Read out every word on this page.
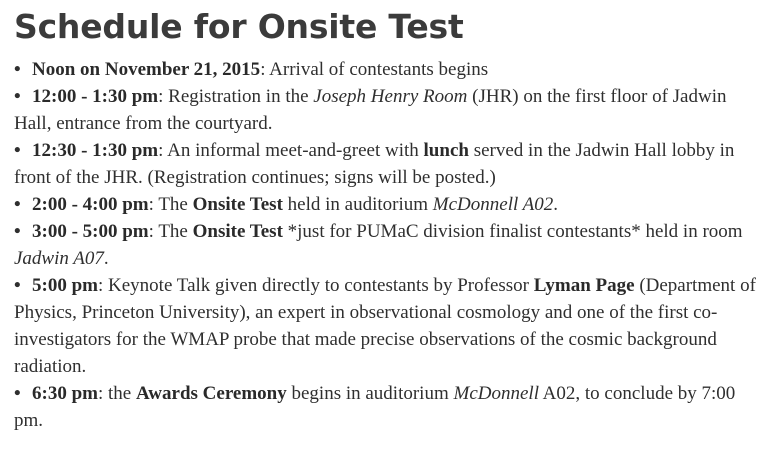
Schedule for Onsite Test
• Noon on November 21, 2015: Arrival of contestants begins
• 12:00 - 1:30 pm: Registration in the Joseph Henry Room (JHR) on the first floor of Jadwin Hall, entrance from the courtyard.
• 12:30 - 1:30 pm: An informal meet-and-greet with lunch served in the Jadwin Hall lobby in front of the JHR. (Registration continues; signs will be posted.)
• 2:00 - 4:00 pm: The Onsite Test held in auditorium McDonnell A02.
• 3:00 - 5:00 pm: The Onsite Test *just for PUMaC division finalist contestants* held in room Jadwin A07.
• 5:00 pm: Keynote Talk given directly to contestants by Professor Lyman Page (Department of Physics, Princeton University), an expert in observational cosmology and one of the first co-investigators for the WMAP probe that made precise observations of the cosmic background radiation.
• 6:30 pm: the Awards Ceremony begins in auditorium McDonnell A02, to conclude by 7:00 pm.
